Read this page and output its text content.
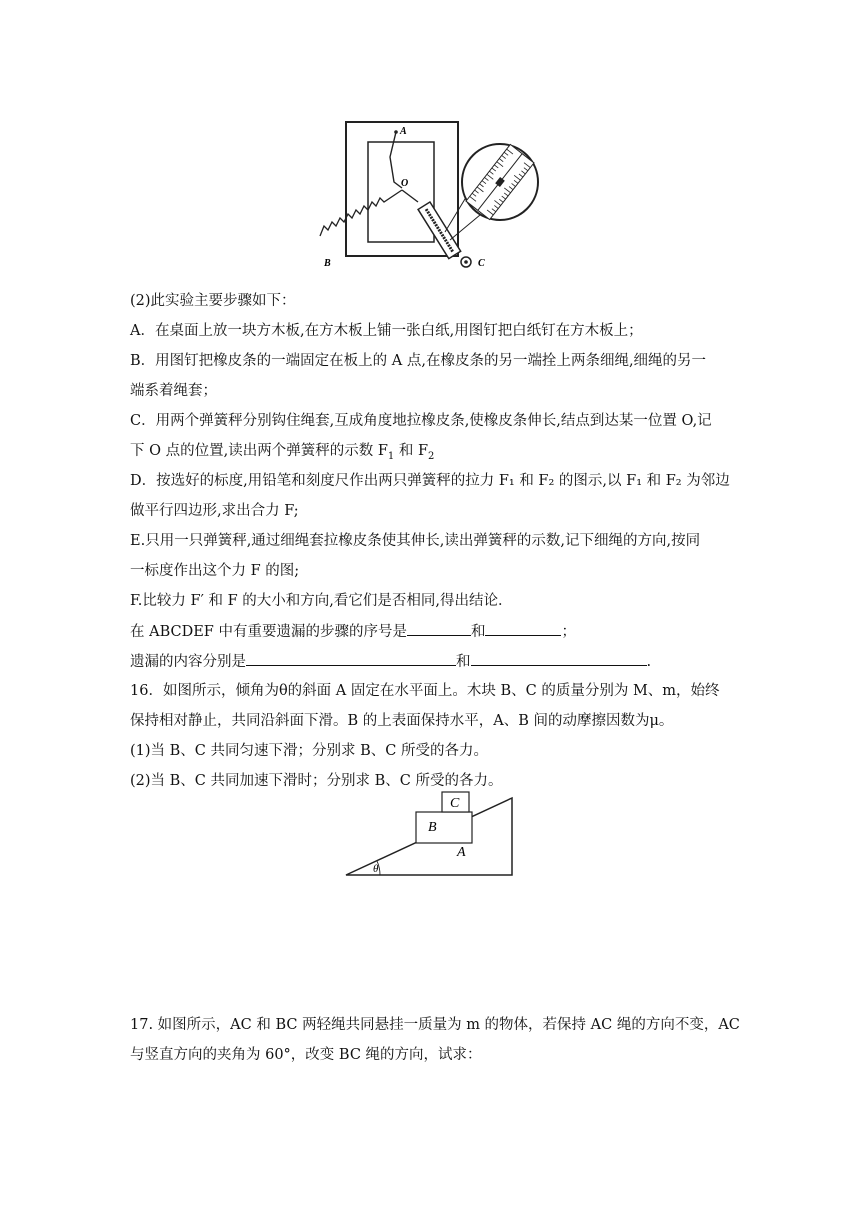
A
O
B	C
(2)此实验主要步骤如下：
A．在桌面上放一块方木板,在方木板上铺一张白纸,用图钉把白纸钉在方木板上；
B．用图钉把橡皮条的一端固定在板上的 A 点,在橡皮条的另一端拴上两条细绳,细绳的另一
端系着绳套；
C．用两个弹簧秤分别钩住绳套,互成角度地拉橡皮条,使橡皮条伸长,结点到达某一位置 O,记
下 O 点的位置,读出两个弹簧秤的示数 $F_1$ 和 $F_2$
D．按选好的标度,用铅笔和刻度尺作出两只弹簧秤的拉力 F₁ 和 F₂ 的图示,以 F₁ 和 F₂ 为邻边
做平行四边形,求出合力 F;
E.只用一只弹簧秤,通过细绳套拉橡皮条使其伸长,读出弹簧秤的示数,记下细绳的方向,按同
一标度作出这个力 F 的图;
F.比较力 F′ 和 F 的大小和方向,看它们是否相同,得出结论．
在 ABCDEF 中有重要遗漏的步骤的序号是	和	；
遗漏的内容分别是	和	.
16．如图所示，倾角为θ的斜面 A 固定在水平面上。木块 B、C 的质量分别为 M、m，始终
保持相对静止，共同沿斜面下滑。B 的上表面保持水平，A、B 间的动摩擦因数为μ。
(1)当 B、C 共同匀速下滑；分别求 B、C 所受的各力。
(2)当 B、C 共同加速下滑时；分别求 B、C 所受的各力。
C
B
A
θ
17. 如图所示，AC 和 BC 两轻绳共同悬挂一质量为 m 的物体，若保持 AC 绳的方向不变，AC
与竖直方向的夹角为 60°，改变 BC 绳的方向，试求：
